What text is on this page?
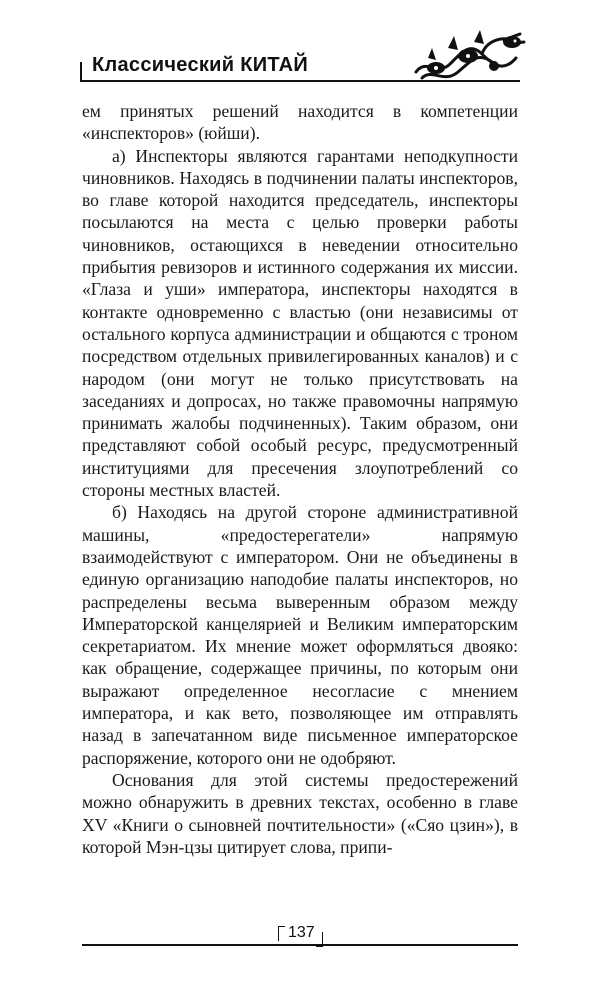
Классический КИТАЙ

ем принятых решений находится в компетенции «инспекторов» (юйши).

а) Инспекторы являются гарантами неподкупности чиновников. Находясь в подчинении палаты инспекторов, во главе которой находится председатель, инспекторы посылаются на места с целью проверки работы чиновников, остающихся в неведении относительно прибытия ревизоров и истинного содержания их миссии. «Глаза и уши» императора, инспекторы находятся в контакте одновременно с властью (они независимы от остального корпуса администрации и общаются с троном посредством отдельных привилегированных каналов) и с народом (они могут не только присутствовать на заседаниях и допросах, но также правомочны напрямую принимать жалобы подчиненных). Таким образом, они представляют собой особый ресурс, предусмотренный институциями для пресечения злоупотреблений со стороны местных властей.

б) Находясь на другой стороне административной машины, «предостерегатели» напрямую взаимодействуют с императором. Они не объединены в единую организацию наподобие палаты инспекторов, но распределены весьма выверенным образом между Императорской канцелярией и Великим императорским секретариатом. Их мнение может оформляться двояко: как обращение, содержащее причины, по которым они выражают определенное несогласие с мнением императора, и как вето, позволяющее им отправлять назад в запечатанном виде письменное императорское распоряжение, которого они не одобряют.

Основания для этой системы предостережений можно обнаружить в древних текстах, особенно в главе XV «Книги о сыновней почтительности» («Сяо цзин»), в которой Мэн-цзы цитирует слова, припи-

137
